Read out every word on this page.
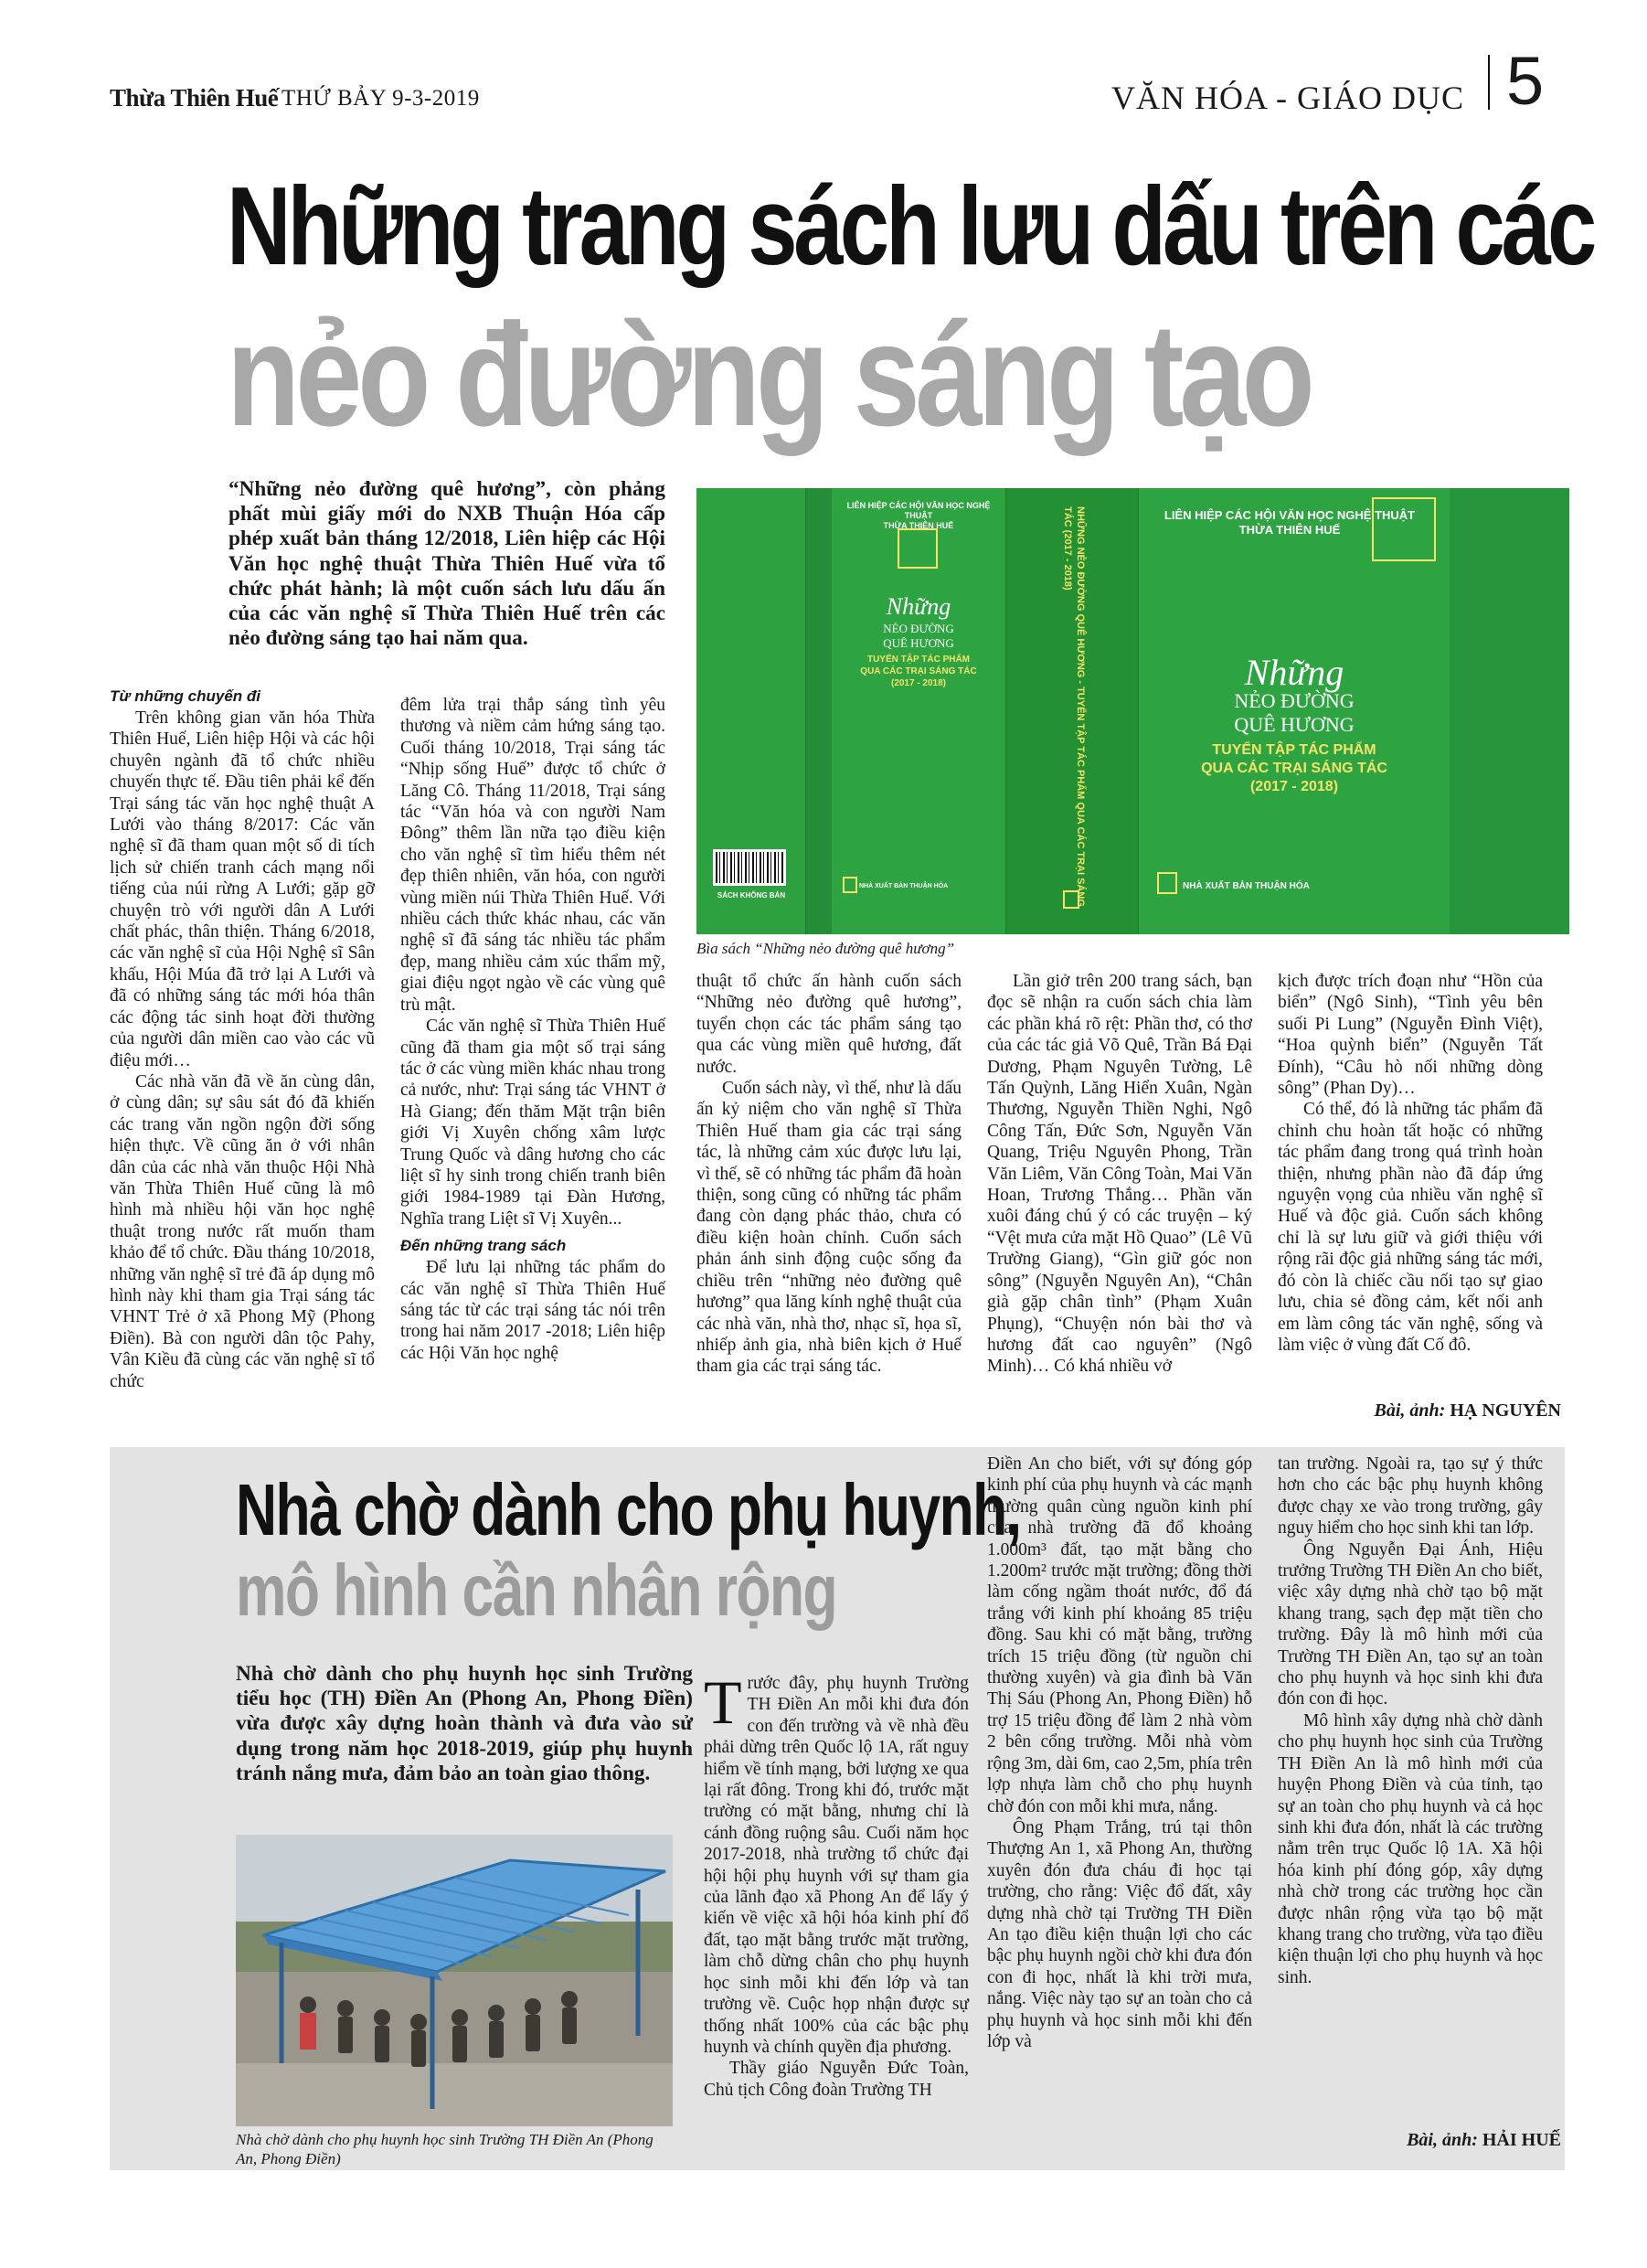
Thừa Thiên Huế THỨ BẢY 9-3-2019	VĂN HÓA - GIÁO DỤC 5
Những trang sách lưu dấu trên các
nẻo đường sáng tạo
“Những nẻo đường quê hương”, còn phảng phất mùi giấy mới do NXB Thuận Hóa cấp phép xuất bản tháng 12/2018, Liên hiệp các Hội Văn học nghệ thuật Thừa Thiên Huế vừa tổ chức phát hành; là một cuốn sách lưu dấu ấn của các văn nghệ sĩ Thừa Thiên Huế trên các nẻo đường sáng tạo hai năm qua.
Từ những chuyến đi

Trên không gian văn hóa Thừa Thiên Huế, Liên hiệp Hội và các hội chuyên ngành đã tổ chức nhiều chuyến thực tế. Đầu tiên phải kể đến Trại sáng tác văn học nghệ thuật A Lưới vào tháng 8/2017: Các văn nghệ sĩ đã tham quan một số di tích lịch sử chiến tranh cách mạng nổi tiếng của núi rừng A Lưới; gặp gỡ chuyện trò với người dân A Lưới chất phác, thân thiện. Tháng 6/2018, các văn nghệ sĩ của Hội Nghệ sĩ Sân khấu, Hội Múa đã trở lại A Lưới và đã có những sáng tác mới hóa thân các động tác sinh hoạt đời thường của người dân miền cao vào các vũ điệu mới…

Các nhà văn đã về ăn cùng dân, ở cùng dân; sự sâu sát đó đã khiến các trang văn ngồn ngộn đời sống hiện thực. Về cũng ăn ở với nhân dân của các nhà văn thuộc Hội Nhà văn Thừa Thiên Huế cũng là mô hình mà nhiều hội văn học nghệ thuật trong nước rất muốn tham khảo để tổ chức. Đầu tháng 10/2018, những văn nghệ sĩ trẻ đã áp dụng mô hình này khi tham gia Trại sáng tác VHNT Trẻ ở xã Phong Mỹ (Phong Điền). Bà con người dân tộc Pahy, Vân Kiều đã cùng các văn nghệ sĩ tổ chức

đêm lửa trại thắp sáng tình yêu thương và niềm cảm hứng sáng tạo. Cuối tháng 10/2018, Trại sáng tác “Nhịp sống Huế” được tổ chức ở Lăng Cô. Tháng 11/2018, Trại sáng tác “Văn hóa và con người Nam Đông” thêm lần nữa tạo điều kiện cho văn nghệ sĩ tìm hiểu thêm nét đẹp thiên nhiên, văn hóa, con người vùng miền núi Thừa Thiên Huế. Với nhiều cách thức khác nhau, các văn nghệ sĩ đã sáng tác nhiều tác phẩm đẹp, mang nhiều cảm xúc thẩm mỹ, giai điệu ngọt ngào về các vùng quê trù mật.

Các văn nghệ sĩ Thừa Thiên Huế cũng đã tham gia một số trại sáng tác ở các vùng miền khác nhau trong cả nước, như: Trại sáng tác VHNT ở Hà Giang; đến thăm Mặt trận biên giới Vị Xuyên chống xâm lược Trung Quốc và dâng hương cho các liệt sĩ hy sinh trong chiến tranh biên giới 1984-1989 tại Đàn Hương, Nghĩa trang Liệt sĩ Vị Xuyên...

Đến những trang sách

Để lưu lại những tác phẩm do các văn nghệ sĩ Thừa Thiên Huế sáng tác từ các trại sáng tác nói trên trong hai năm 2017 -2018; Liên hiệp các Hội Văn học nghệ

SÁCH KHÔNG BÁN
LIÊN HIỆP CÁC HỘI VĂN HỌC NGHỆ THUẬT
THỪA THIÊN HUẾ
Những
NẺO ĐƯỜNG
QUÊ HƯƠNG
TUYỂN TẬP TÁC PHẨM
QUA CÁC TRẠI SÁNG TÁC
(2017 - 2018)
NHÀ XUẤT BẢN THUẬN HÓA	NHỮNG NẺO ĐƯỜNG QUÊ HƯƠNG - TUYỂN TẬP TÁC PHẨM QUA CÁC TRẠI SÁNG TÁC (2017 - 2018)	LIÊN HIỆP CÁC HỘI VĂN HỌC NGHỆ THUẬT
THỪA THIÊN HUẾ
Những
NẺO ĐƯỜNG
QUÊ HƯƠNG
TUYỂN TẬP TÁC PHẨM
QUA CÁC TRẠI SÁNG TÁC
(2017 - 2018)
NHÀ XUẤT BẢN THUẬN HÓA
Bìa sách “Những nẻo đường quê hương”

thuật tổ chức ấn hành cuốn sách “Những nẻo đường quê hương”, tuyển chọn các tác phẩm sáng tạo qua các vùng miền quê hương, đất nước.

Cuốn sách này, vì thế, như là dấu ấn kỷ niệm cho văn nghệ sĩ Thừa Thiên Huế tham gia các trại sáng tác, là những cảm xúc được lưu lại, vì thế, sẽ có những tác phẩm đã hoàn thiện, song cũng có những tác phẩm đang còn dạng phác thảo, chưa có điều kiện hoàn chỉnh. Cuốn sách phản ánh sinh động cuộc sống đa chiều trên “những nẻo đường quê hương” qua lăng kính nghệ thuật của các nhà văn, nhà thơ, nhạc sĩ, họa sĩ, nhiếp ảnh gia, nhà biên kịch ở Huế tham gia các trại sáng tác.

Lần giở trên 200 trang sách, bạn đọc sẽ nhận ra cuốn sách chia làm các phần khá rõ rệt: Phần thơ, có thơ của các tác giả Võ Quê, Trần Bá Đại Dương, Phạm Nguyên Tường, Lê Tấn Quỳnh, Lăng Hiển Xuân, Ngàn Thương, Nguyễn Thiền Nghi, Ngô Công Tấn, Đức Sơn, Nguyễn Văn Quang, Triệu Nguyên Phong, Trần Văn Liêm, Văn Công Toàn, Mai Văn Hoan, Trương Thắng… Phần văn xuôi đáng chú ý có các truyện – ký “Vệt mưa cửa mặt Hồ Quao” (Lê Vũ Trường Giang), “Gìn giữ góc non sông” (Nguyễn Nguyên An), “Chân già gặp chân tình” (Phạm Xuân Phụng), “Chuyện nón bài thơ và hương đất cao nguyên” (Ngô Minh)… Có khá nhiều vở

kịch được trích đoạn như “Hồn của biển” (Ngô Sinh), “Tình yêu bên suối Pi Lung” (Nguyễn Đình Việt), “Hoa quỳnh biển” (Nguyễn Tất Đính), “Câu hò nối những dòng sông” (Phan Dy)…

Có thể, đó là những tác phẩm đã chỉnh chu hoàn tất hoặc có những tác phẩm đang trong quá trình hoàn thiện, nhưng phần nào đã đáp ứng nguyện vọng của nhiều văn nghệ sĩ Huế và độc giả. Cuốn sách không chỉ là sự lưu giữ và giới thiệu với rộng rãi độc giả những sáng tác mới, đó còn là chiếc cầu nối tạo sự giao lưu, chia sẻ đồng cảm, kết nối anh em làm công tác văn nghệ, sống và làm việc ở vùng đất Cố đô.

Bài, ảnh: HẠ NGUYÊN
Nhà chờ dành cho phụ huynh,
mô hình cần nhân rộng
Nhà chờ dành cho phụ huynh học sinh Trường tiểu học (TH) Điền An (Phong An, Phong Điền) vừa được xây dựng hoàn thành và đưa vào sử dụng trong năm học 2018-2019, giúp phụ huynh tránh nắng mưa, đảm bảo an toàn giao thông.
Nhà chờ dành cho phụ huynh học sinh Trường TH Điền An (Phong An, Phong Điền)

Trước đây, phụ huynh Trường TH Điền An mỗi khi đưa đón con đến trường và về nhà đều phải dừng trên Quốc lộ 1A, rất nguy hiểm về tính mạng, bởi lượng xe qua lại rất đông. Trong khi đó, trước mặt trường có mặt bằng, nhưng chỉ là cánh đồng ruộng sâu. Cuối năm học 2017-2018, nhà trường tổ chức đại hội hội phụ huynh với sự tham gia của lãnh đạo xã Phong An để lấy ý kiến về việc xã hội hóa kinh phí đổ đất, tạo mặt bằng trước mặt trường, làm chỗ dừng chân cho phụ huynh học sinh mỗi khi đến lớp và tan trường về. Cuộc họp nhận được sự thống nhất 100% của các bậc phụ huynh và chính quyền địa phương.

Thầy giáo Nguyễn Đức Toàn, Chủ tịch Công đoàn Trường TH

Điền An cho biết, với sự đóng góp kinh phí của phụ huynh và các mạnh thường quân cùng nguồn kinh phí của nhà trường đã đổ khoảng 1.000m³ đất, tạo mặt bằng cho 1.200m² trước mặt trường; đồng thời làm cống ngầm thoát nước, đổ đá trắng với kinh phí khoảng 85 triệu đồng. Sau khi có mặt bằng, trường trích 15 triệu đồng (từ nguồn chi thường xuyên) và gia đình bà Văn Thị Sáu (Phong An, Phong Điền) hỗ trợ 15 triệu đồng để làm 2 nhà vòm 2 bên cổng trường. Mỗi nhà vòm rộng 3m, dài 6m, cao 2,5m, phía trên lợp nhựa làm chỗ cho phụ huynh chờ đón con mỗi khi mưa, nắng.

Ông Phạm Trắng, trú tại thôn Thượng An 1, xã Phong An, thường xuyên đón đưa cháu đi học tại trường, cho rằng: Việc đổ đất, xây dựng nhà chờ tại Trường TH Điền An tạo điều kiện thuận lợi cho các bậc phụ huynh ngồi chờ khi đưa đón con đi học, nhất là khi trời mưa, nắng. Việc này tạo sự an toàn cho cả phụ huynh và học sinh mỗi khi đến lớp và

tan trường. Ngoài ra, tạo sự ý thức hơn cho các bậc phụ huynh không được chạy xe vào trong trường, gây nguy hiểm cho học sinh khi tan lớp.

Ông Nguyễn Đại Ánh, Hiệu trưởng Trường TH Điền An cho biết, việc xây dựng nhà chờ tạo bộ mặt khang trang, sạch đẹp mặt tiền cho trường. Đây là mô hình mới của Trường TH Điền An, tạo sự an toàn cho phụ huynh và học sinh khi đưa đón con đi học.

Mô hình xây dựng nhà chờ dành cho phụ huynh học sinh của Trường TH Điền An là mô hình mới của huyện Phong Điền và của tỉnh, tạo sự an toàn cho phụ huynh và cả học sinh khi đưa đón, nhất là các trường nằm trên trục Quốc lộ 1A. Xã hội hóa kinh phí đóng góp, xây dựng nhà chờ trong các trường học cần được nhân rộng vừa tạo bộ mặt khang trang cho trường, vừa tạo điều kiện thuận lợi cho phụ huynh và học sinh.

Bài, ảnh: HẢI HUẾ
